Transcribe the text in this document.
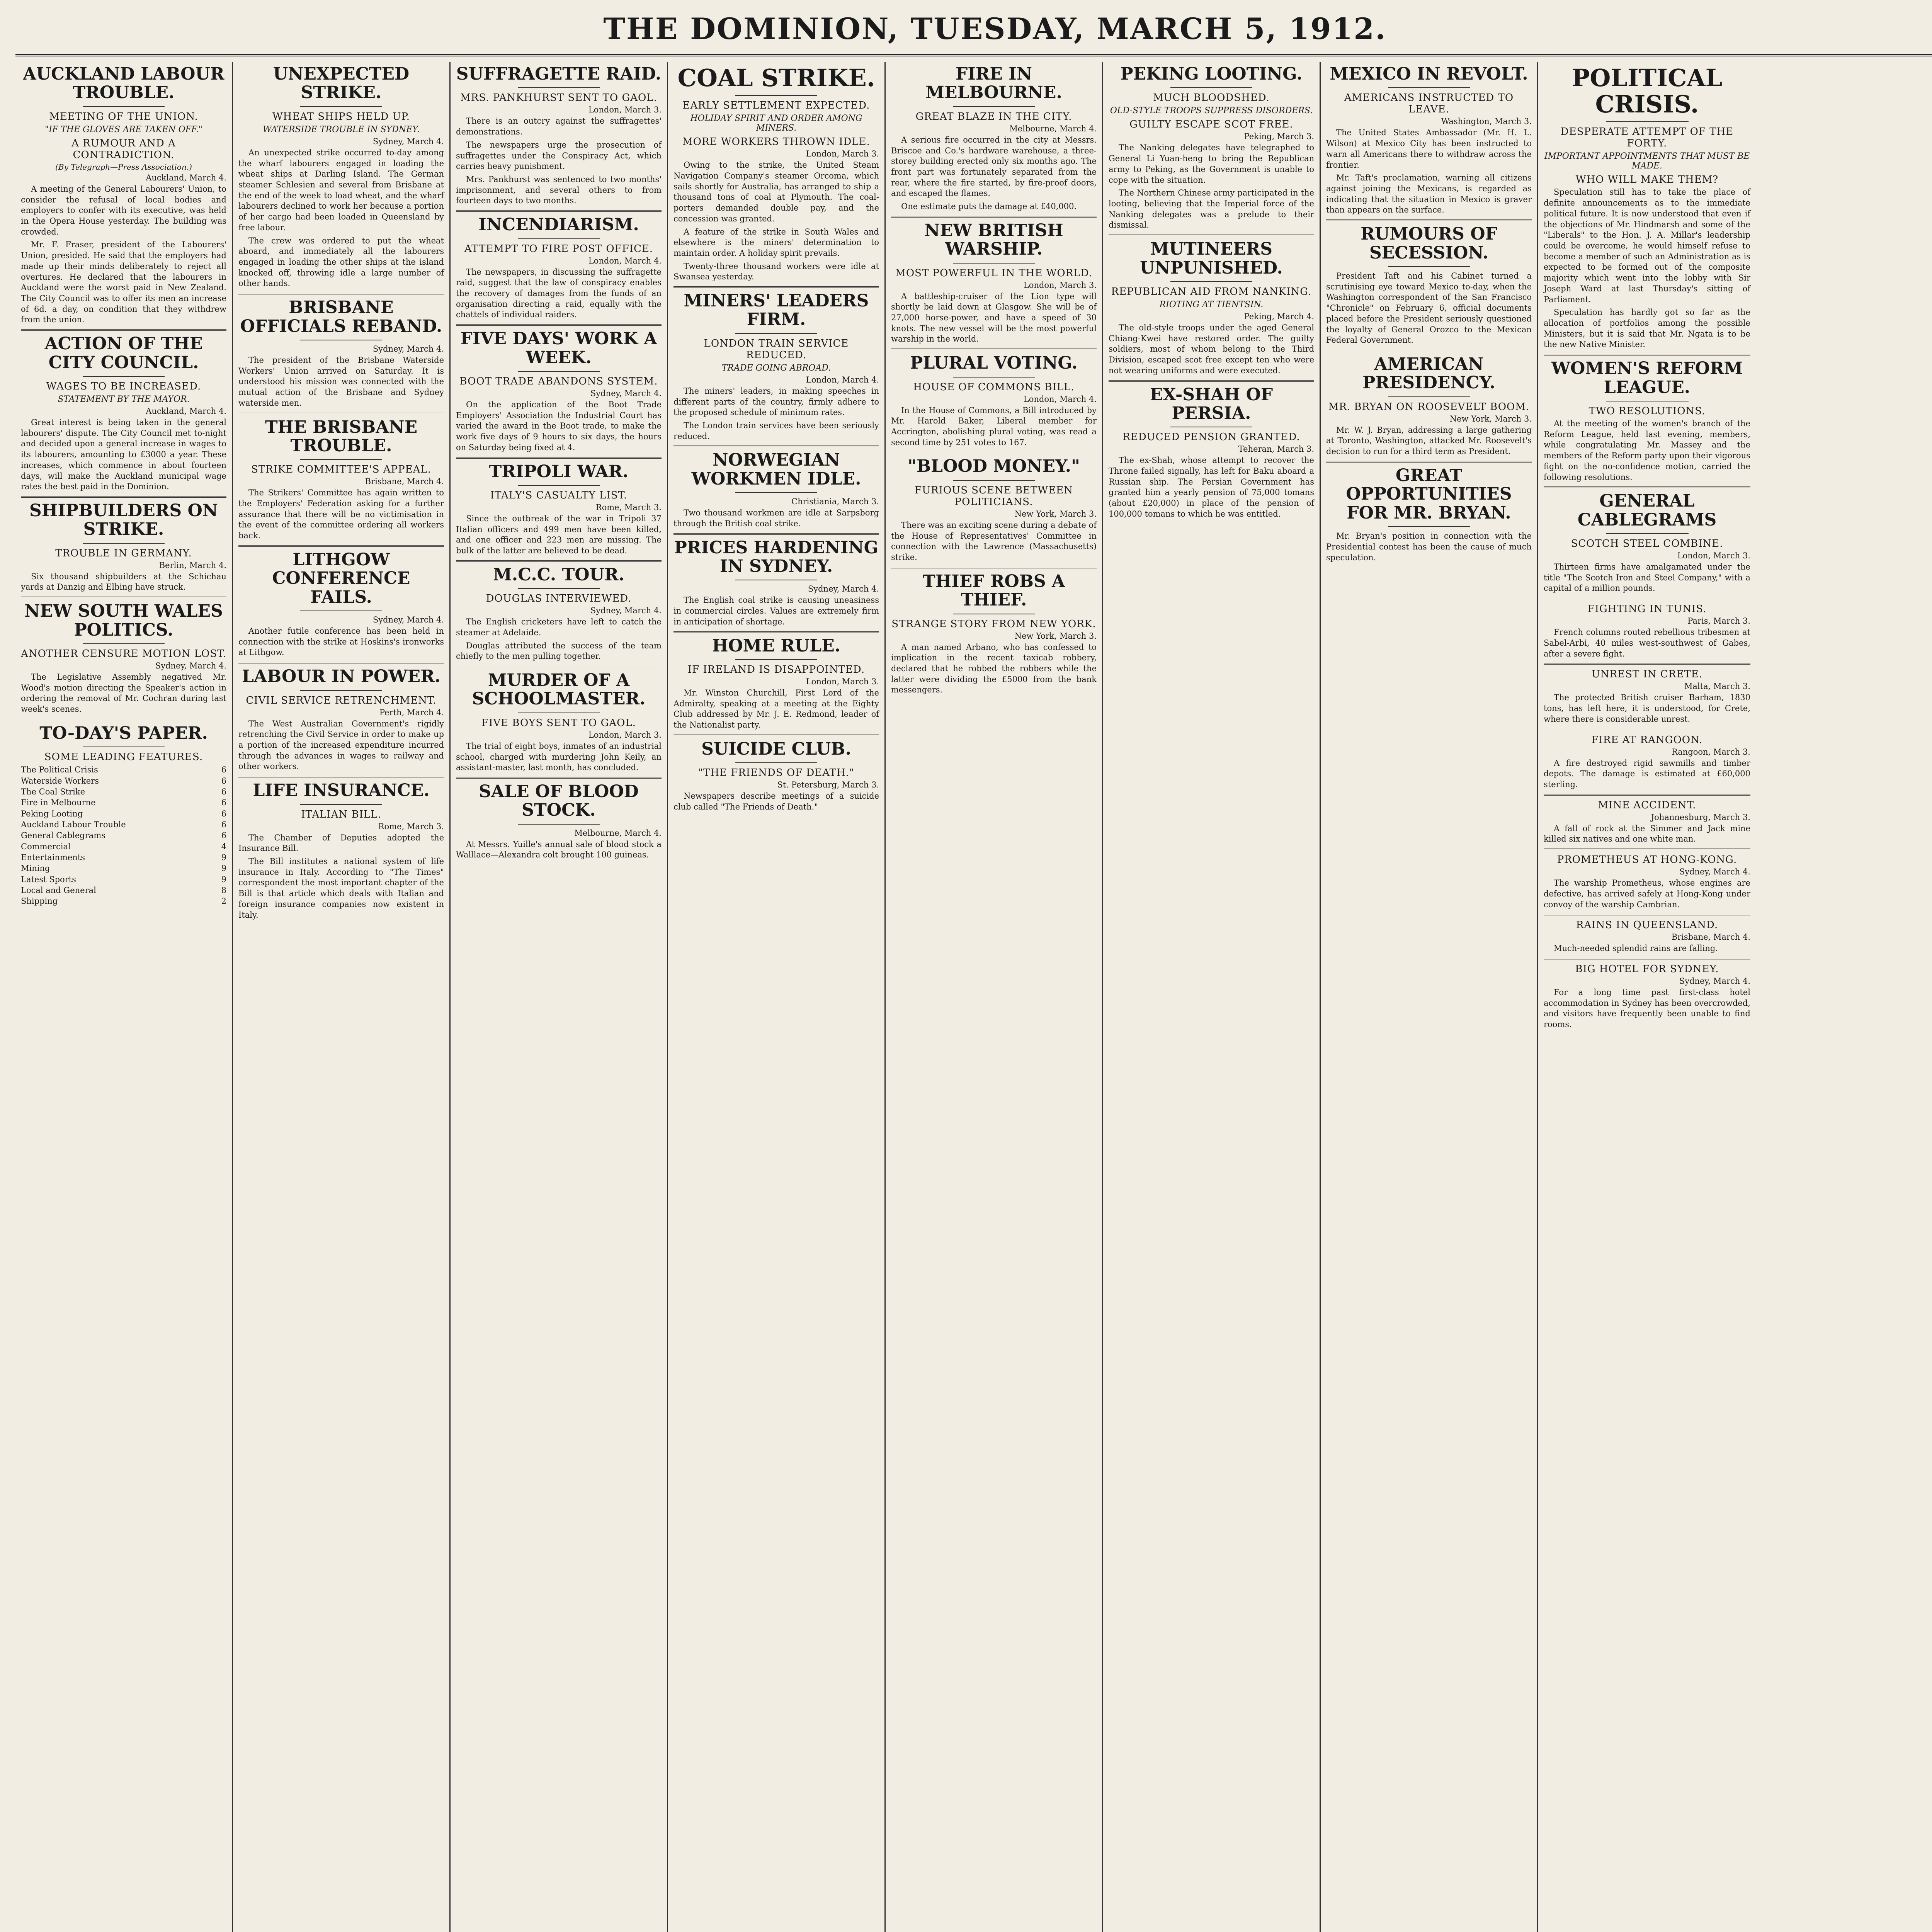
THE DOMINION, TUESDAY, MARCH 5, 1912.
AUCKLAND LABOUR TROUBLE.
MEETING OF THE UNION.
"IF THE GLOVES ARE TAKEN OFF."
A RUMOUR AND A CONTRADICTION.
(By Telegraph—Press Association.)
Auckland, March 4.

A meeting of the General Labourers' Union, to consider the refusal of local bodies and employers to confer with its executive, was held in the Opera House yesterday. The building was crowded.

Mr. F. Fraser, president of the Labourers' Union, presided. He said that the employers had made up their minds deliberately to reject all overtures. He declared that the labourers in Auckland were the worst paid in New Zealand. The City Council was to offer its men an increase of 6d. a day, on condition that they withdrew from the union.

ACTION OF THE CITY COUNCIL.
WAGES TO BE INCREASED.
STATEMENT BY THE MAYOR.
Auckland, March 4.

Great interest is being taken in the general labourers' dispute. The City Council met to-night and decided upon a general increase in wages to its labourers, amounting to £3000 a year. These increases, which commence in about fourteen days, will make the Auckland municipal wage rates the best paid in the Dominion.

SHIPBUILDERS ON STRIKE.
TROUBLE IN GERMANY.
Berlin, March 4.

Six thousand shipbuilders at the Schichau yards at Danzig and Elbing have struck.

NEW SOUTH WALES POLITICS.
ANOTHER CENSURE MOTION LOST.
Sydney, March 4.

The Legislative Assembly negatived Mr. Wood's motion directing the Speaker's action in ordering the removal of Mr. Cochran during last week's scenes.

TO-DAY'S PAPER.
SOME LEADING FEATURES.
The Political Crisis	6
Waterside Workers	6
The Coal Strike	6
Fire in Melbourne	6
Peking Looting	6
Auckland Labour Trouble	6
General Cablegrams	6
Commercial	4
Entertainments	9
Mining	9
Latest Sports	9
Local and General	8
Shipping	2
UNEXPECTED STRIKE.
WHEAT SHIPS HELD UP.
WATERSIDE TROUBLE IN SYDNEY.
Sydney, March 4.

An unexpected strike occurred to-day among the wharf labourers engaged in loading the wheat ships at Darling Island. The German steamer Schlesien and several from Brisbane at the end of the week to load wheat, and the wharf labourers declined to work her because a portion of her cargo had been loaded in Queensland by free labour.

The crew was ordered to put the wheat aboard, and immediately all the labourers engaged in loading the other ships at the island knocked off, throwing idle a large number of other hands.

BRISBANE OFFICIALS REBAND.
Sydney, March 4.

The president of the Brisbane Waterside Workers' Union arrived on Saturday. It is understood his mission was connected with the mutual action of the Brisbane and Sydney waterside men.

THE BRISBANE TROUBLE.
STRIKE COMMITTEE'S APPEAL.
Brisbane, March 4.

The Strikers' Committee has again written to the Employers' Federation asking for a further assurance that there will be no victimisation in the event of the committee ordering all workers back.

LITHGOW CONFERENCE FAILS.
Sydney, March 4.

Another futile conference has been held in connection with the strike at Hoskins's ironworks at Lithgow.

LABOUR IN POWER.
CIVIL SERVICE RETRENCHMENT.
Perth, March 4.

The West Australian Government's rigidly retrenching the Civil Service in order to make up a portion of the increased expenditure incurred through the advances in wages to railway and other workers.

LIFE INSURANCE.
ITALIAN BILL.
Rome, March 3.

The Chamber of Deputies adopted the Insurance Bill.

The Bill institutes a national system of life insurance in Italy. According to "The Times" correspondent the most important chapter of the Bill is that article which deals with Italian and foreign insurance companies now existent in Italy.

SUFFRAGETTE RAID.
MRS. PANKHURST SENT TO GAOL.
London, March 3.

There is an outcry against the suffragettes' demonstrations.

The newspapers urge the prosecution of suffragettes under the Conspiracy Act, which carries heavy punishment.

Mrs. Pankhurst was sentenced to two months' imprisonment, and several others to from fourteen days to two months.

INCENDIARISM.
ATTEMPT TO FIRE POST OFFICE.
London, March 4.

The newspapers, in discussing the suffragette raid, suggest that the law of conspiracy enables the recovery of damages from the funds of an organisation directing a raid, equally with the chattels of individual raiders.

FIVE DAYS' WORK A WEEK.
BOOT TRADE ABANDONS SYSTEM.
Sydney, March 4.

On the application of the Boot Trade Employers' Association the Industrial Court has varied the award in the Boot trade, to make the work five days of 9 hours to six days, the hours on Saturday being fixed at 4.

TRIPOLI WAR.
ITALY'S CASUALTY LIST.
Rome, March 3.

Since the outbreak of the war in Tripoli 37 Italian officers and 499 men have been killed, and one officer and 223 men are missing. The bulk of the latter are believed to be dead.

M.C.C. TOUR.
DOUGLAS INTERVIEWED.
Sydney, March 4.

The English cricketers have left to catch the steamer at Adelaide.

Douglas attributed the success of the team chiefly to the men pulling together.

MURDER OF A SCHOOLMASTER.
FIVE BOYS SENT TO GAOL.
London, March 3.

The trial of eight boys, inmates of an industrial school, charged with murdering John Keily, an assistant-master, last month, has concluded.

SALE OF BLOOD STOCK.
Melbourne, March 4.

At Messrs. Yuille's annual sale of blood stock a Walllace—Alexandra colt brought 100 guineas.

COAL STRIKE.
EARLY SETTLEMENT EXPECTED.
HOLIDAY SPIRIT AND ORDER AMONG MINERS.
MORE WORKERS THROWN IDLE.
London, March 3.

Owing to the strike, the United Steam Navigation Company's steamer Orcoma, which sails shortly for Australia, has arranged to ship a thousand tons of coal at Plymouth. The coal-porters demanded double pay, and the concession was granted.

A feature of the strike in South Wales and elsewhere is the miners' determination to maintain order. A holiday spirit prevails.

Twenty-three thousand workers were idle at Swansea yesterday.

MINERS' LEADERS FIRM.
LONDON TRAIN SERVICE REDUCED.
TRADE GOING ABROAD.
London, March 4.

The miners' leaders, in making speeches in different parts of the country, firmly adhere to the proposed schedule of minimum rates.

The London train services have been seriously reduced.

NORWEGIAN WORKMEN IDLE.
Christiania, March 3.

Two thousand workmen are idle at Sarpsborg through the British coal strike.

PRICES HARDENING IN SYDNEY.
Sydney, March 4.

The English coal strike is causing uneasiness in commercial circles. Values are extremely firm in anticipation of shortage.

HOME RULE.
IF IRELAND IS DISAPPOINTED.
London, March 3.

Mr. Winston Churchill, First Lord of the Admiralty, speaking at a meeting at the Eighty Club addressed by Mr. J. E. Redmond, leader of the Nationalist party.

SUICIDE CLUB.
"THE FRIENDS OF DEATH."
St. Petersburg, March 3.

Newspapers describe meetings of a suicide club called "The Friends of Death."

FIRE IN MELBOURNE.
GREAT BLAZE IN THE CITY.
Melbourne, March 4.

A serious fire occurred in the city at Messrs. Briscoe and Co.'s hardware warehouse, a three-storey building erected only six months ago. The front part was fortunately separated from the rear, where the fire started, by fire-proof doors, and escaped the flames.

One estimate puts the damage at £40,000.

NEW BRITISH WARSHIP.
MOST POWERFUL IN THE WORLD.
London, March 3.

A battleship-cruiser of the Lion type will shortly be laid down at Glasgow. She will be of 27,000 horse-power, and have a speed of 30 knots. The new vessel will be the most powerful warship in the world.

PLURAL VOTING.
HOUSE OF COMMONS BILL.
London, March 4.

In the House of Commons, a Bill introduced by Mr. Harold Baker, Liberal member for Accrington, abolishing plural voting, was read a second time by 251 votes to 167.

"BLOOD MONEY."
FURIOUS SCENE BETWEEN POLITICIANS.
New York, March 3.

There was an exciting scene during a debate of the House of Representatives' Committee in connection with the Lawrence (Massachusetts) strike.

THIEF ROBS A THIEF.
STRANGE STORY FROM NEW YORK.
New York, March 3.

A man named Arbano, who has confessed to implication in the recent taxicab robbery, declared that he robbed the robbers while the latter were dividing the £5000 from the bank messengers.

PEKING LOOTING.
MUCH BLOODSHED.
OLD-STYLE TROOPS SUPPRESS DISORDERS.
GUILTY ESCAPE SCOT FREE.
Peking, March 3.

The Nanking delegates have telegraphed to General Li Yuan-heng to bring the Republican army to Peking, as the Government is unable to cope with the situation.

The Northern Chinese army participated in the looting, believing that the Imperial force of the Nanking delegates was a prelude to their dismissal.

MUTINEERS UNPUNISHED.
REPUBLICAN AID FROM NANKING.
RIOTING AT TIENTSIN.
Peking, March 4.

The old-style troops under the aged General Chiang-Kwei have restored order. The guilty soldiers, most of whom belong to the Third Division, escaped scot free except ten who were not wearing uniforms and were executed.

EX-SHAH OF PERSIA.
REDUCED PENSION GRANTED.
Teheran, March 3.

The ex-Shah, whose attempt to recover the Throne failed signally, has left for Baku aboard a Russian ship. The Persian Government has granted him a yearly pension of 75,000 tomans (about £20,000) in place of the pension of 100,000 tomans to which he was entitled.

MEXICO IN REVOLT.
AMERICANS INSTRUCTED TO LEAVE.
Washington, March 3.

The United States Ambassador (Mr. H. L. Wilson) at Mexico City has been instructed to warn all Americans there to withdraw across the frontier.

Mr. Taft's proclamation, warning all citizens against joining the Mexicans, is regarded as indicating that the situation in Mexico is graver than appears on the surface.

RUMOURS OF SECESSION.

President Taft and his Cabinet turned a scrutinising eye toward Mexico to-day, when the Washington correspondent of the San Francisco "Chronicle" on February 6, official documents placed before the President seriously questioned the loyalty of General Orozco to the Mexican Federal Government.

AMERICAN PRESIDENCY.
MR. BRYAN ON ROOSEVELT BOOM.
New York, March 3.

Mr. W. J. Bryan, addressing a large gathering at Toronto, Washington, attacked Mr. Roosevelt's decision to run for a third term as President.

GREAT OPPORTUNITIES FOR MR. BRYAN.

Mr. Bryan's position in connection with the Presidential contest has been the cause of much speculation.

POLITICAL CRISIS.
DESPERATE ATTEMPT OF THE FORTY.
IMPORTANT APPOINTMENTS THAT MUST BE MADE.
WHO WILL MAKE THEM?

Speculation still has to take the place of definite announcements as to the immediate political future. It is now understood that even if the objections of Mr. Hindmarsh and some of the "Liberals" to the Hon. J. A. Millar's leadership could be overcome, he would himself refuse to become a member of such an Administration as is expected to be formed out of the composite majority which went into the lobby with Sir Joseph Ward at last Thursday's sitting of Parliament.

Speculation has hardly got so far as the allocation of portfolios among the possible Ministers, but it is said that Mr. Ngata is to be the new Native Minister.

WOMEN'S REFORM LEAGUE.
TWO RESOLUTIONS.

At the meeting of the women's branch of the Reform League, held last evening, members, while congratulating Mr. Massey and the members of the Reform party upon their vigorous fight on the no-confidence motion, carried the following resolutions.

GENERAL CABLEGRAMS
SCOTCH STEEL COMBINE.
London, March 3.

Thirteen firms have amalgamated under the title "The Scotch Iron and Steel Company," with a capital of a million pounds.

FIGHTING IN TUNIS.
Paris, March 3.

French columns routed rebellious tribesmen at Sabel-Arbi, 40 miles west-southwest of Gabes, after a severe fight.

UNREST IN CRETE.
Malta, March 3.

The protected British cruiser Barham, 1830 tons, has left here, it is understood, for Crete, where there is considerable unrest.

FIRE AT RANGOON.
Rangoon, March 3.

A fire destroyed rigid sawmills and timber depots. The damage is estimated at £60,000 sterling.

MINE ACCIDENT.
Johannesburg, March 3.

A fall of rock at the Simmer and Jack mine killed six natives and one white man.

PROMETHEUS AT HONG-KONG.
Sydney, March 4.

The warship Prometheus, whose engines are defective, has arrived safely at Hong-Kong under convoy of the warship Cambrian.

RAINS IN QUEENSLAND.
Brisbane, March 4.

Much-needed splendid rains are falling.

BIG HOTEL FOR SYDNEY.
Sydney, March 4.

For a long time past first-class hotel accommodation in Sydney has been overcrowded, and visitors have frequently been unable to find rooms.
